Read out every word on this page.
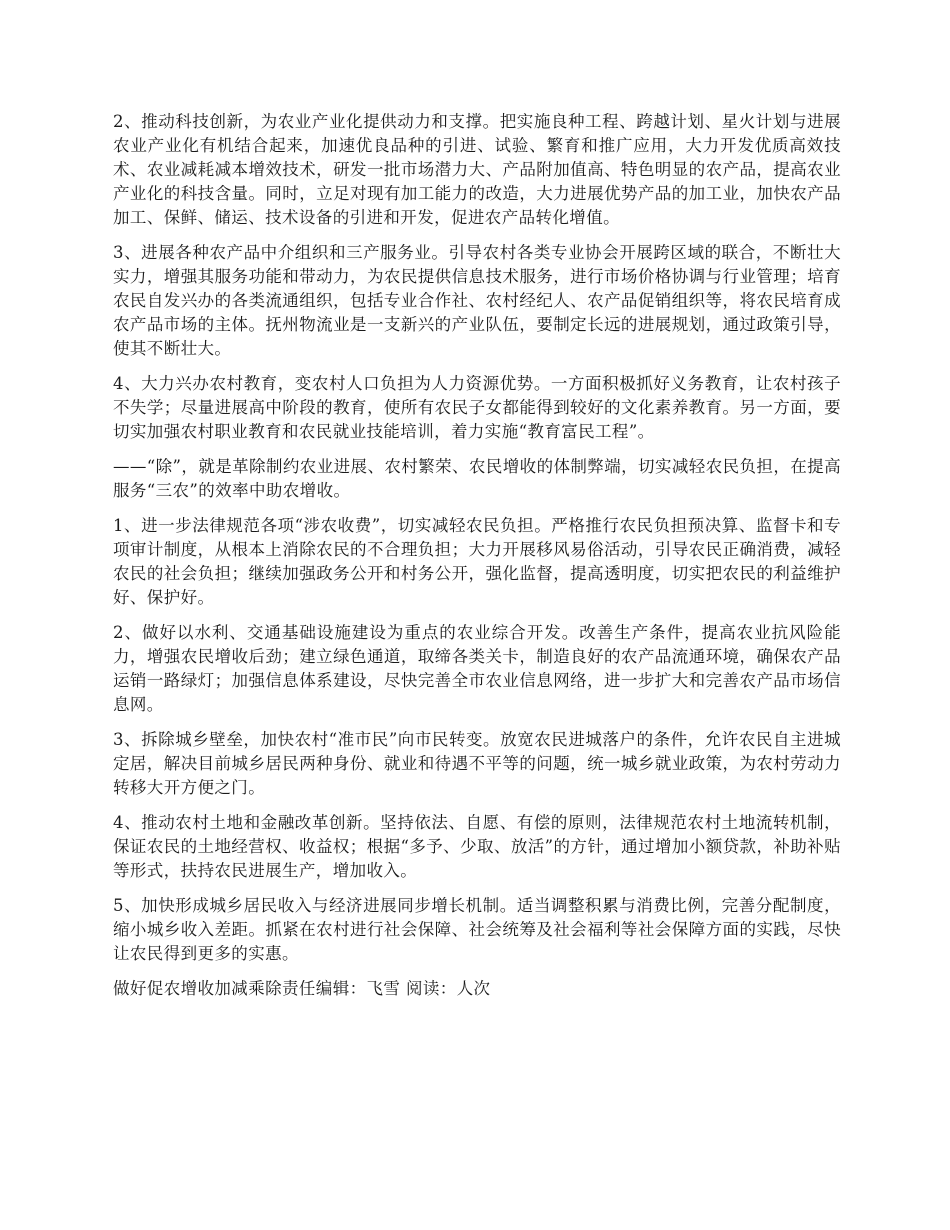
2、推动科技创新，为农业产业化提供动力和支撑。把实施良种工程、跨越计划、星火计划与进展农业产业化有机结合起来，加速优良品种的引进、试验、繁育和推广应用，大力开发优质高效技术、农业减耗减本增效技术，研发一批市场潜力大、产品附加值高、特色明显的农产品，提高农业产业化的科技含量。同时，立足对现有加工能力的改造，大力进展优势产品的加工业，加快农产品加工、保鲜、储运、技术设备的引进和开发，促进农产品转化增值。

3、进展各种农产品中介组织和三产服务业。引导农村各类专业协会开展跨区域的联合，不断壮大实力，增强其服务功能和带动力，为农民提供信息技术服务，进行市场价格协调与行业管理；培育农民自发兴办的各类流通组织，包括专业合作社、农村经纪人、农产品促销组织等，将农民培育成农产品市场的主体。抚州物流业是一支新兴的产业队伍，要制定长远的进展规划，通过政策引导，使其不断壮大。

4、大力兴办农村教育，变农村人口负担为人力资源优势。一方面积极抓好义务教育，让农村孩子不失学；尽量进展高中阶段的教育，使所有农民子女都能得到较好的文化素养教育。另一方面，要切实加强农村职业教育和农民就业技能培训，着力实施“教育富民工程”。

——“除”，就是革除制约农业进展、农村繁荣、农民增收的体制弊端，切实减轻农民负担，在提高服务“三农”的效率中助农增收。

1、进一步法律规范各项“涉农收费”，切实减轻农民负担。严格推行农民负担预决算、监督卡和专项审计制度，从根本上消除农民的不合理负担；大力开展移风易俗活动，引导农民正确消费，减轻农民的社会负担；继续加强政务公开和村务公开，强化监督，提高透明度，切实把农民的利益维护好、保护好。

2、做好以水利、交通基础设施建设为重点的农业综合开发。改善生产条件，提高农业抗风险能力，增强农民增收后劲；建立绿色通道，取缔各类关卡，制造良好的农产品流通环境，确保农产品运销一路绿灯；加强信息体系建设，尽快完善全市农业信息网络，进一步扩大和完善农产品市场信息网。

3、拆除城乡壁垒，加快农村“准市民”向市民转变。放宽农民进城落户的条件，允许农民自主进城定居，解决目前城乡居民两种身份、就业和待遇不平等的问题，统一城乡就业政策，为农村劳动力转移大开方便之门。

4、推动农村土地和金融改革创新。坚持依法、自愿、有偿的原则，法律规范农村土地流转机制，保证农民的土地经营权、收益权；根据“多予、少取、放活”的方针，通过增加小额贷款，补助补贴等形式，扶持农民进展生产，增加收入。

5、加快形成城乡居民收入与经济进展同步增长机制。适当调整积累与消费比例，完善分配制度，缩小城乡收入差距。抓紧在农村进行社会保障、社会统筹及社会福利等社会保障方面的实践，尽快让农民得到更多的实惠。

做好促农增收加减乘除责任编辑：飞雪 阅读：人次
